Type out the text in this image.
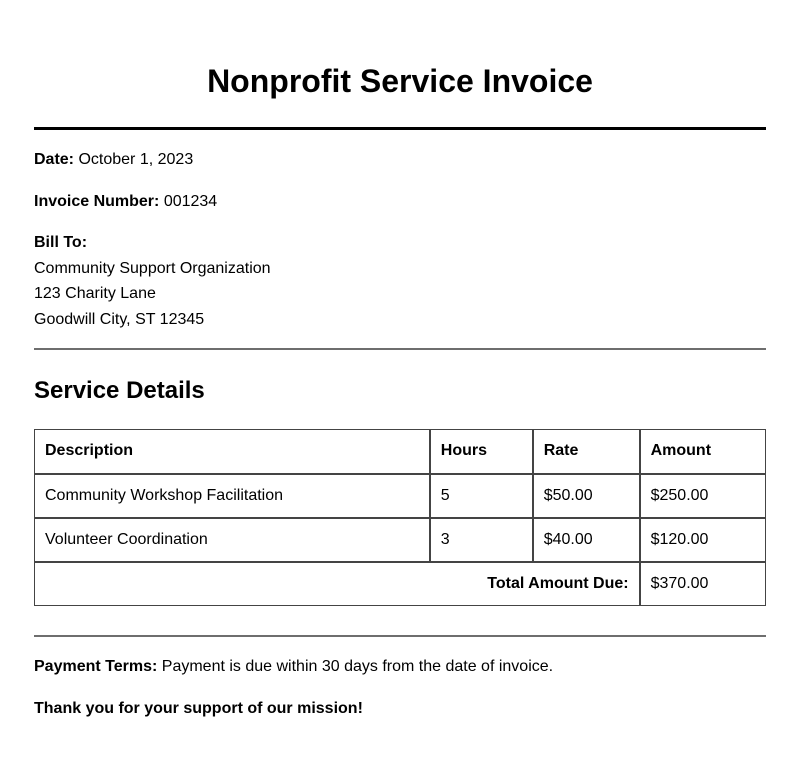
Nonprofit Service Invoice
Date: October 1, 2023
Invoice Number: 001234
Bill To:
Community Support Organization
123 Charity Lane
Goodwill City, ST 12345
Service Details
Description	Hours	Rate	Amount
Community Workshop Facilitation	5	$50.00	$250.00
Volunteer Coordination	3	$40.00	$120.00
Total Amount Due:			$370.00
Payment Terms: Payment is due within 30 days from the date of invoice.
Thank you for your support of our mission!
